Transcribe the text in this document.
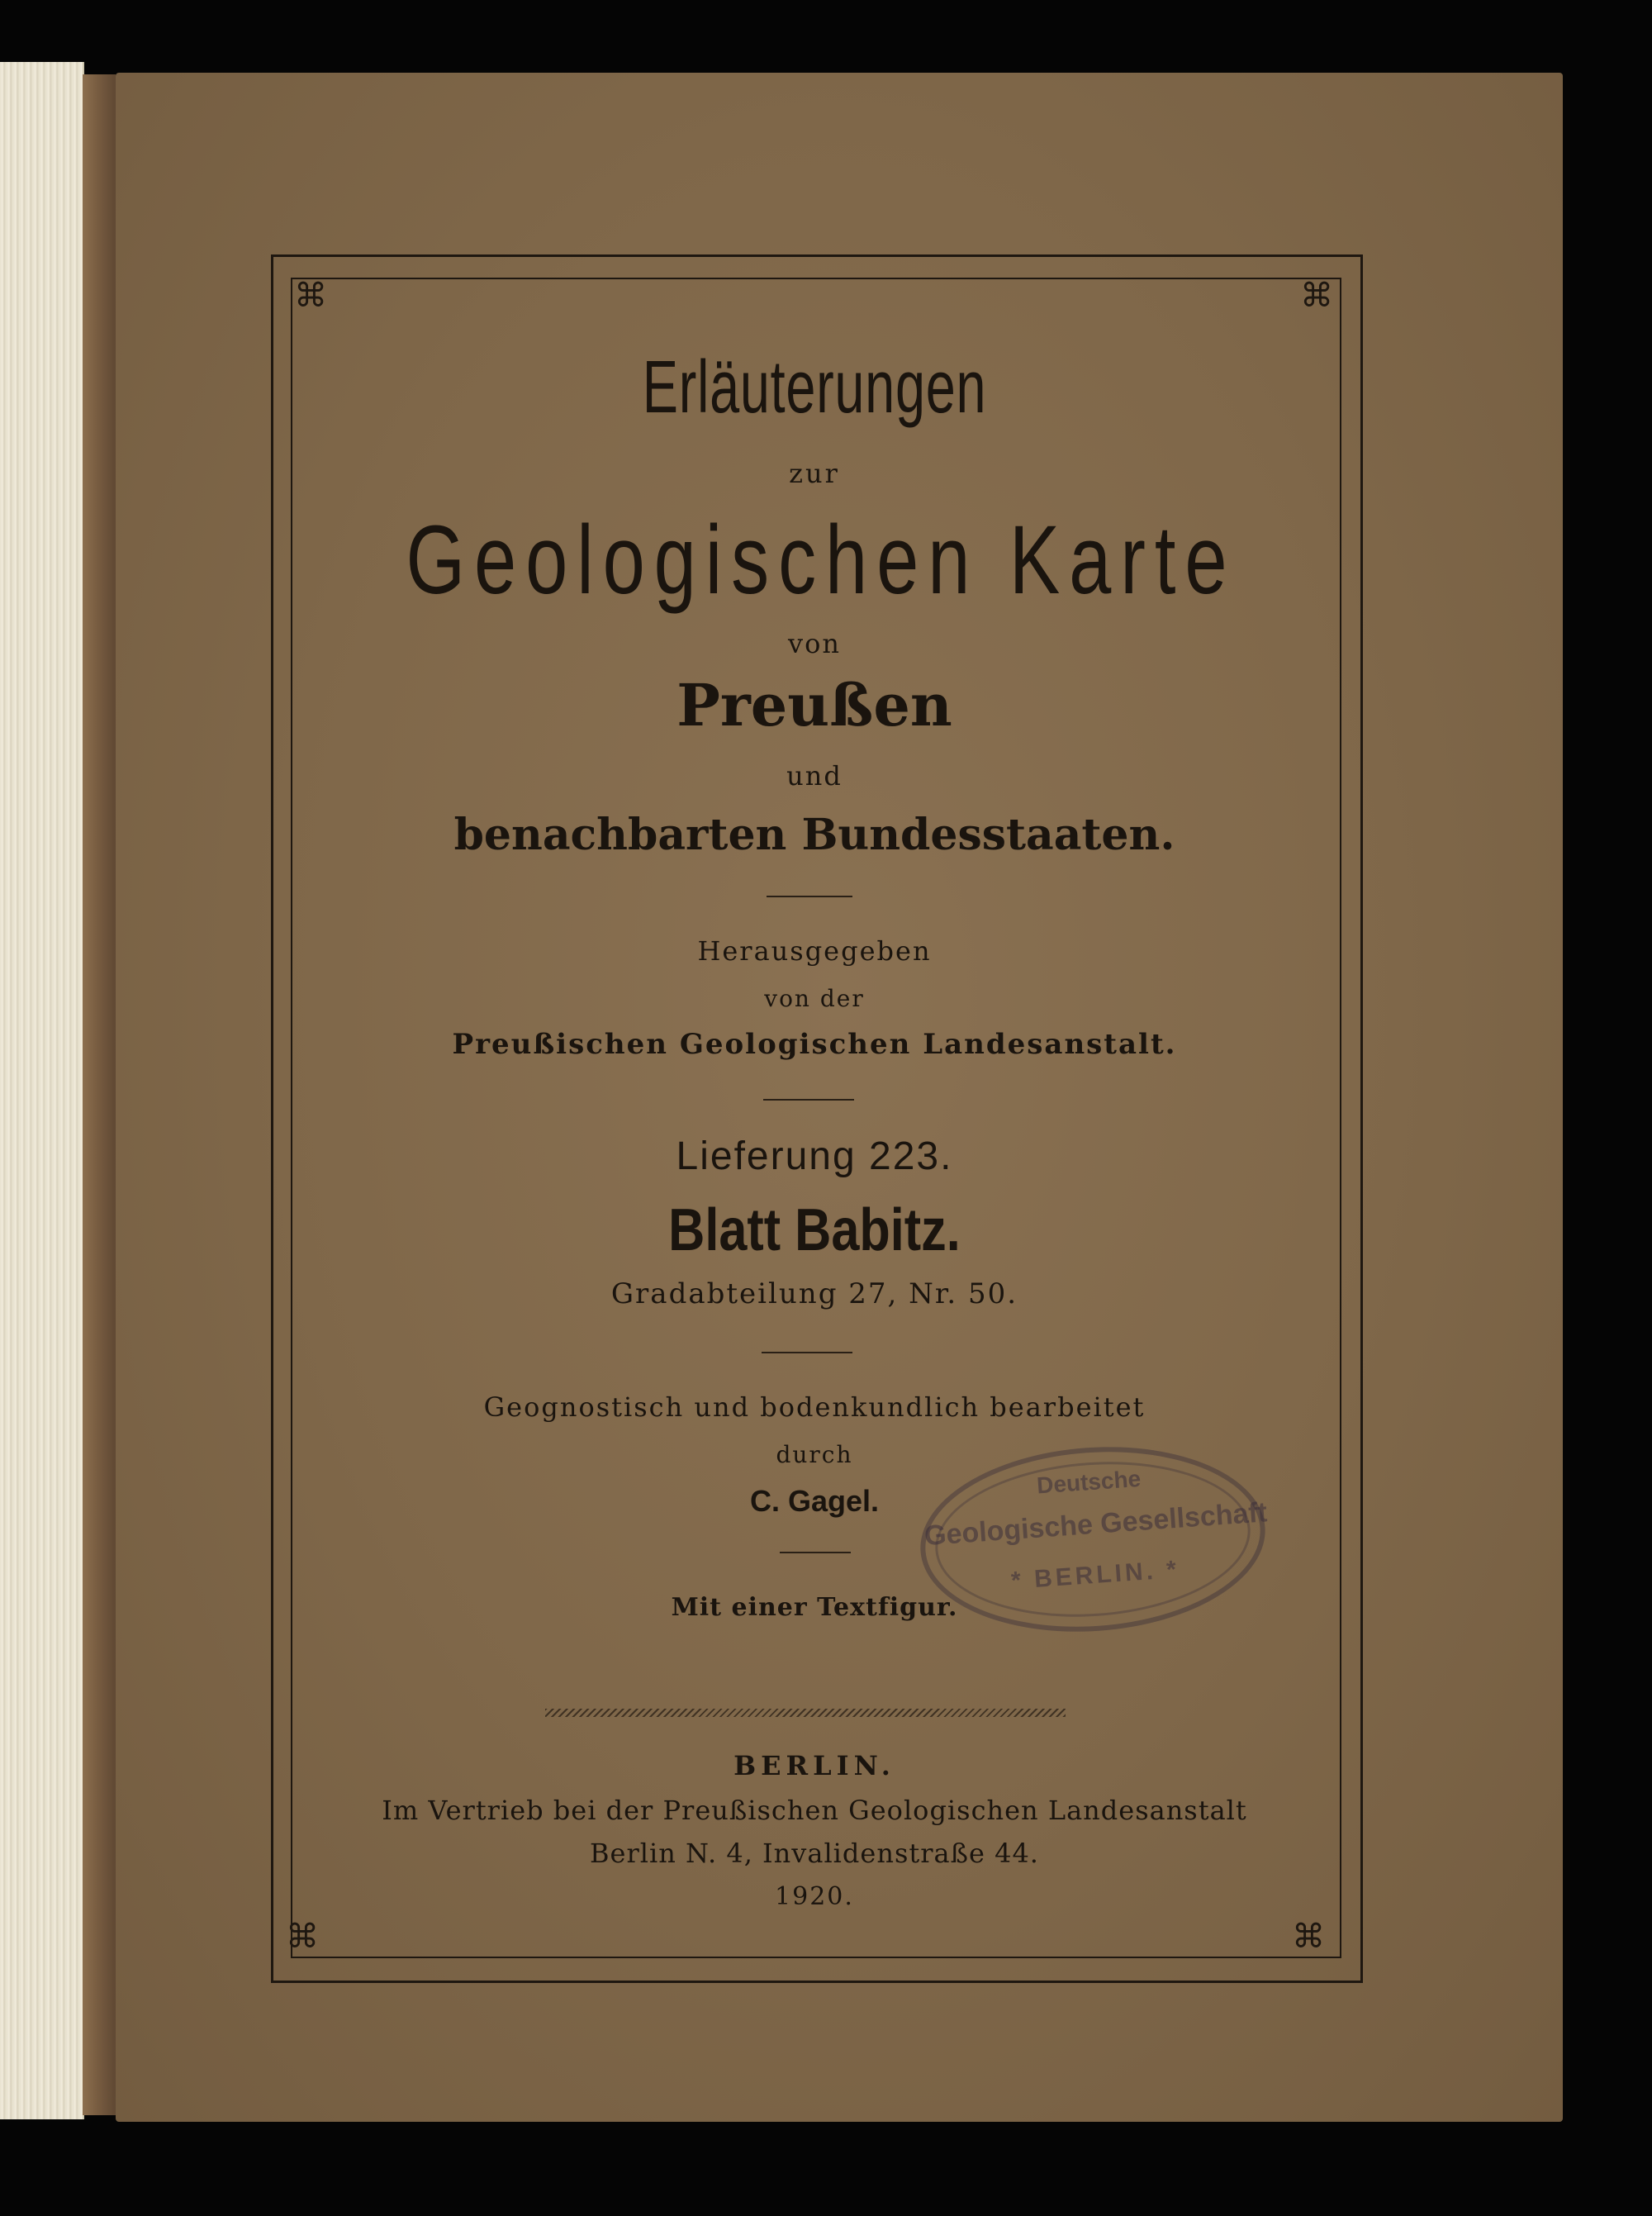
⌘	⌘
⌘	⌘
Erläuterungen
zur
Geologischen Karte
von
Preußen
und
benachbarten Bundesstaaten.
Herausgegeben
von der
Preußischen Geologischen Landesanstalt.
Lieferung 223.
Blatt Babitz.
Gradabteilung 27, Nr. 50.
Geognostisch und bodenkundlich bearbeitet
durch
C. Gagel.
Mit einer Textfigur.
BERLIN.
Im Vertrieb bei der Preußischen Geologischen Landesanstalt
Berlin N. 4, Invalidenstraße 44.
1920.
Deutsche
Geologische Gesellschaft
* BERLIN. *
